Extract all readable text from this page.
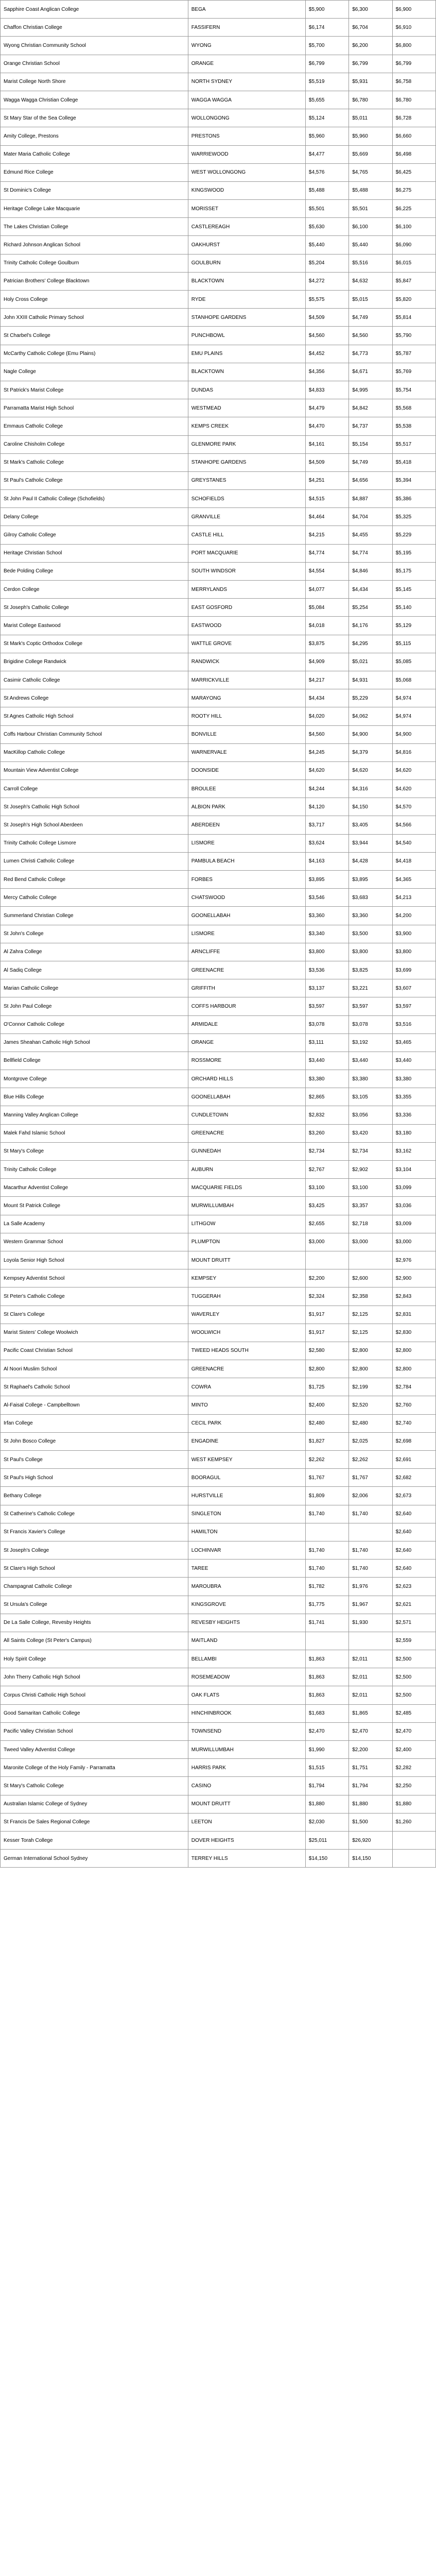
Sapphire Coast Anglican College	BEGA	$5,900	$6,300	$6,900
Chaffon Christian College	FASSIFERN	$6,174	$6,704	$6,910
Wyong Christian Community School	WYONG	$5,700	$6,200	$6,800
Orange Christian School	ORANGE	$6,799	$6,799	$6,799
Marist College North Shore	NORTH SYDNEY	$5,519	$5,931	$6,758
Wagga Wagga Christian College	WAGGA WAGGA	$5,655	$6,780	$6,780
St Mary Star of the Sea College	WOLLONGONG	$5,124	$5,011	$6,728
Amity College, Prestons	PRESTONS	$5,960	$5,960	$6,660
Mater Maria Catholic College	WARRIEWOOD	$4,477	$5,669	$6,498
Edmund Rice College	WEST WOLLONGONG	$4,576	$4,765	$6,425
St Dominic's College	KINGSWOOD	$5,488	$5,488	$6,275
Heritage College Lake Macquarie	MORISSET	$5,501	$5,501	$6,225
The Lakes Christian College	CASTLEREAGH	$5,630	$6,100	$6,100
Richard Johnson Anglican School	OAKHURST	$5,440	$5,440	$6,090
Trinity Catholic College Goulburn	GOULBURN	$5,204	$5,516	$6,015
Patrician Brothers' College Blacktown	BLACKTOWN	$4,272	$4,632	$5,847
Holy Cross College	RYDE	$5,575	$5,015	$5,820
John XXIII Catholic Primary School	STANHOPE GARDENS	$4,509	$4,749	$5,814
St Charbel's College	PUNCHBOWL	$4,560	$4,560	$5,790
McCarthy Catholic College (Emu Plains)	EMU PLAINS	$4,452	$4,773	$5,787
Nagle College	BLACKTOWN	$4,356	$4,671	$5,769
St Patrick's Marist College	DUNDAS	$4,833	$4,995	$5,754
Parramatta Marist High School	WESTMEAD	$4,479	$4,842	$5,568
Emmaus Catholic College	KEMPS CREEK	$4,470	$4,737	$5,538
Caroline Chisholm College	GLENMORE PARK	$4,161	$5,154	$5,517
St Mark's Catholic College	STANHOPE GARDENS	$4,509	$4,749	$5,418
St Paul's Catholic College	GREYSTANES	$4,251	$4,656	$5,394
St John Paul II Catholic College (Schofields)	SCHOFIELDS	$4,515	$4,887	$5,386
Delany College	GRANVILLE	$4,464	$4,704	$5,325
Gilroy Catholic College	CASTLE HILL	$4,215	$4,455	$5,229
Heritage Christian School	PORT MACQUARIE	$4,774	$4,774	$5,195
Bede Polding College	SOUTH WINDSOR	$4,554	$4,846	$5,175
Cerdon College	MERRYLANDS	$4,077	$4,434	$5,145
St Joseph's Catholic College	EAST GOSFORD	$5,084	$5,254	$5,140
Marist College Eastwood	EASTWOOD	$4,018	$4,176	$5,129
St Mark's Coptic Orthodox College	WATTLE GROVE	$3,875	$4,295	$5,115
Brigidine College Randwick	RANDWICK	$4,909	$5,021	$5,085
Casimir Catholic College	MARRICKVILLE	$4,217	$4,931	$5,068
St Andrews College	MARAYONG	$4,434	$5,229	$4,974
St Agnes Catholic High School	ROOTY HILL	$4,020	$4,062	$4,974
Coffs Harbour Christian Community School	BONVILLE	$4,560	$4,900	$4,900
MacKillop Catholic College	WARNERVALE	$4,245	$4,379	$4,816
Mountain View Adventist College	DOONSIDE	$4,620	$4,620	$4,620
Carroll College	BROULEE	$4,244	$4,316	$4,620
St Joseph's Catholic High School	ALBION PARK	$4,120	$4,150	$4,570
St Joseph's High School Aberdeen	ABERDEEN	$3,717	$3,405	$4,566
Trinity Catholic College Lismore	LISMORE	$3,624	$3,944	$4,540
Lumen Christi Catholic College	PAMBULA BEACH	$4,163	$4,428	$4,418
Red Bend Catholic College	FORBES	$3,895	$3,895	$4,365
Mercy Catholic College	CHATSWOOD	$3,546	$3,683	$4,213
Summerland Christian College	GOONELLABAH	$3,360	$3,360	$4,200
St John's College	LISMORE	$3,340	$3,500	$3,900
Al Zahra College	ARNCLIFFE	$3,800	$3,800	$3,800
Al Sadiq College	GREENACRE	$3,536	$3,825	$3,699
Marian Catholic College	GRIFFITH	$3,137	$3,221	$3,607
St John Paul College	COFFS HARBOUR	$3,597	$3,597	$3,597
O'Connor Catholic College	ARMIDALE	$3,078	$3,078	$3,516
James Sheahan Catholic High School	ORANGE	$3,111	$3,192	$3,465
Bellfield College	ROSSMORE	$3,440	$3,440	$3,440
Montgrove College	ORCHARD HILLS	$3,380	$3,380	$3,380
Blue Hills College	GOONELLABAH	$2,865	$3,105	$3,355
Manning Valley Anglican College	CUNDLETOWN	$2,832	$3,056	$3,336
Malek Fahd Islamic School	GREENACRE	$3,260	$3,420	$3,180
St Mary's College	GUNNEDAH	$2,734	$2,734	$3,162
Trinity Catholic College	AUBURN	$2,767	$2,902	$3,104
Macarthur Adventist College	MACQUARIE FIELDS	$3,100	$3,100	$3,099
Mount St Patrick College	MURWILLUMBAH	$3,425	$3,357	$3,036
La Salle Academy	LITHGOW	$2,655	$2,718	$3,009
Western Grammar School	PLUMPTON	$3,000	$3,000	$3,000
Loyola Senior High School	MOUNT DRUITT			$2,976
Kempsey Adventist School	KEMPSEY	$2,200	$2,600	$2,900
St Peter's Catholic College	TUGGERAH	$2,324	$2,358	$2,843
St Clare's College	WAVERLEY	$1,917	$2,125	$2,831
Marist Sisters' College Woolwich	WOOLWICH	$1,917	$2,125	$2,830
Pacific Coast Christian School	TWEED HEADS SOUTH	$2,580	$2,800	$2,800
Al Noori Muslim School	GREENACRE	$2,800	$2,800	$2,800
St Raphael's Catholic School	COWRA	$1,725	$2,199	$2,784
Al-Faisal College - Campbelltown	MINTO	$2,400	$2,520	$2,760
Irfan College	CECIL PARK	$2,480	$2,480	$2,740
St John Bosco College	ENGADINE	$1,827	$2,025	$2,698
St Paul's College	WEST KEMPSEY	$2,262	$2,262	$2,691
St Paul's High School	BOORAGUL	$1,767	$1,767	$2,682
Bethany College	HURSTVILLE	$1,809	$2,006	$2,673
St Catherine's Catholic College	SINGLETON	$1,740	$1,740	$2,640
St Francis Xavier's College	HAMILTON			$2,640
St Joseph's College	LOCHINVAR	$1,740	$1,740	$2,640
St Clare's High School	TAREE	$1,740	$1,740	$2,640
Champagnat Catholic College	MAROUBRA	$1,782	$1,976	$2,623
St Ursula's College	KINGSGROVE	$1,775	$1,967	$2,621
De La Salle College, Revesby Heights	REVESBY HEIGHTS	$1,741	$1,930	$2,571
All Saints College (St Peter's Campus)	MAITLAND			$2,559
Holy Spirit College	BELLAMBI	$1,863	$2,011	$2,500
John Therry Catholic High School	ROSEMEADOW	$1,863	$2,011	$2,500
Corpus Christi Catholic High School	OAK FLATS	$1,863	$2,011	$2,500
Good Samaritan Catholic College	HINCHINBROOK	$1,683	$1,865	$2,485
Pacific Valley Christian School	TOWNSEND	$2,470	$2,470	$2,470
Tweed Valley Adventist College	MURWILLUMBAH	$1,990	$2,200	$2,400
Maronite College of the Holy Family - Parramatta	HARRIS PARK	$1,515	$1,751	$2,282
St Mary's Catholic College	CASINO	$1,794	$1,794	$2,250
Australian Islamic College of Sydney	MOUNT DRUITT	$1,880	$1,880	$1,880
St Francis De Sales Regional College	LEETON	$2,030	$1,500	$1,260
Kesser Torah College	DOVER HEIGHTS	$25,011	$26,920	
German International School Sydney	TERREY HILLS	$14,150	$14,150	
